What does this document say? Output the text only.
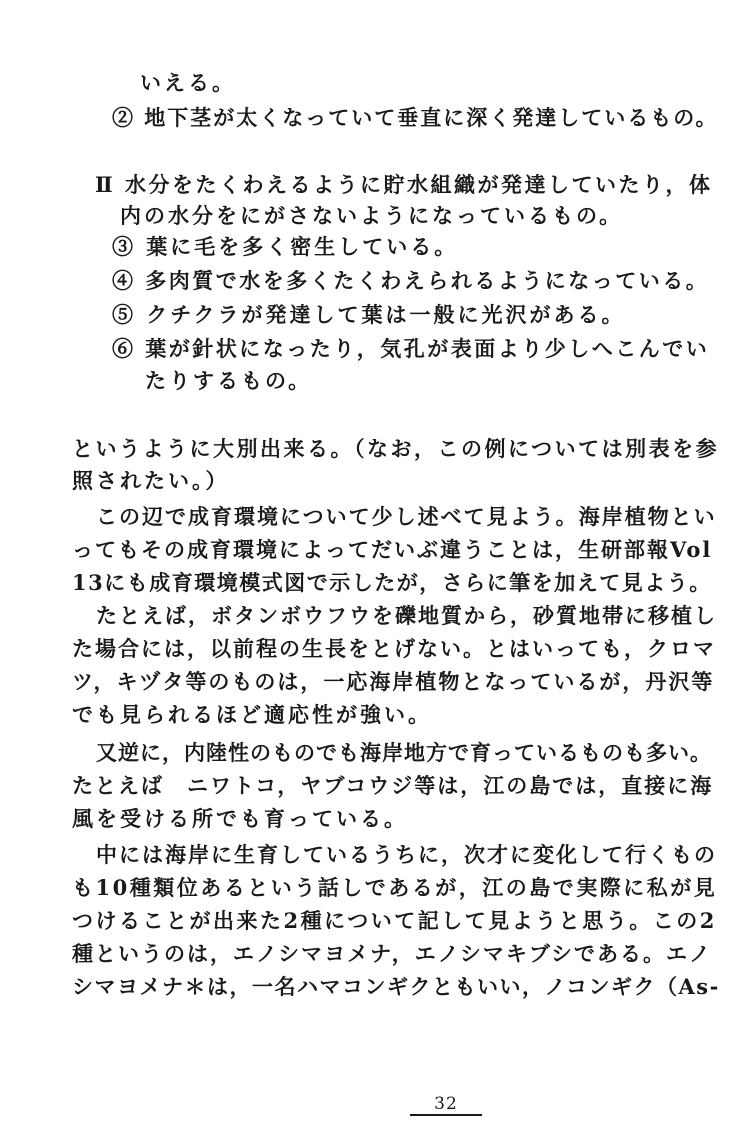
いえる。
② 地下茎が太くなっていて垂直に深く発達しているもの。
Ⅱ 水分をたくわえるように貯水組織が発達していたり，体
内の水分をにがさないようになっているもの。
③ 葉に毛を多く密生している。
④ 多肉質で水を多くたくわえられるようになっている。
⑤ クチクラが発達して葉は一般に光沢がある。
⑥ 葉が針状になったり，気孔が表面より少しへこんでい
たりするもの。
というように大別出来る。（なお，この例については別表を参
照されたい。）
この辺で成育環境について少し述べて見よう。海岸植物とい
ってもその成育環境によってだいぶ違うことは，生研部報Vol
13にも成育環境模式図で示したが，さらに筆を加えて見よう。
たとえば，ボタンボウフウを礫地質から，砂質地帯に移植し
た場合には，以前程の生長をとげない。とはいっても，クロマ
ツ，キヅタ等のものは，一応海岸植物となっているが，丹沢等
でも見られるほど適応性が強い。
又逆に，内陸性のものでも海岸地方で育っているものも多い。
たとえば　ニワトコ，ヤブコウジ等は，江の島では，直接に海
風を受ける所でも育っている。
中には海岸に生育しているうちに，次才に変化して行くもの
も10種類位あるという話しであるが，江の島で実際に私が見
つけることが出来た2種について記して見ようと思う。この2
種というのは，エノシマヨメナ，エノシマキブシである。エノ
シマヨメナ＊は，一名ハマコンギクともいい，ノコンギク（As-
32
